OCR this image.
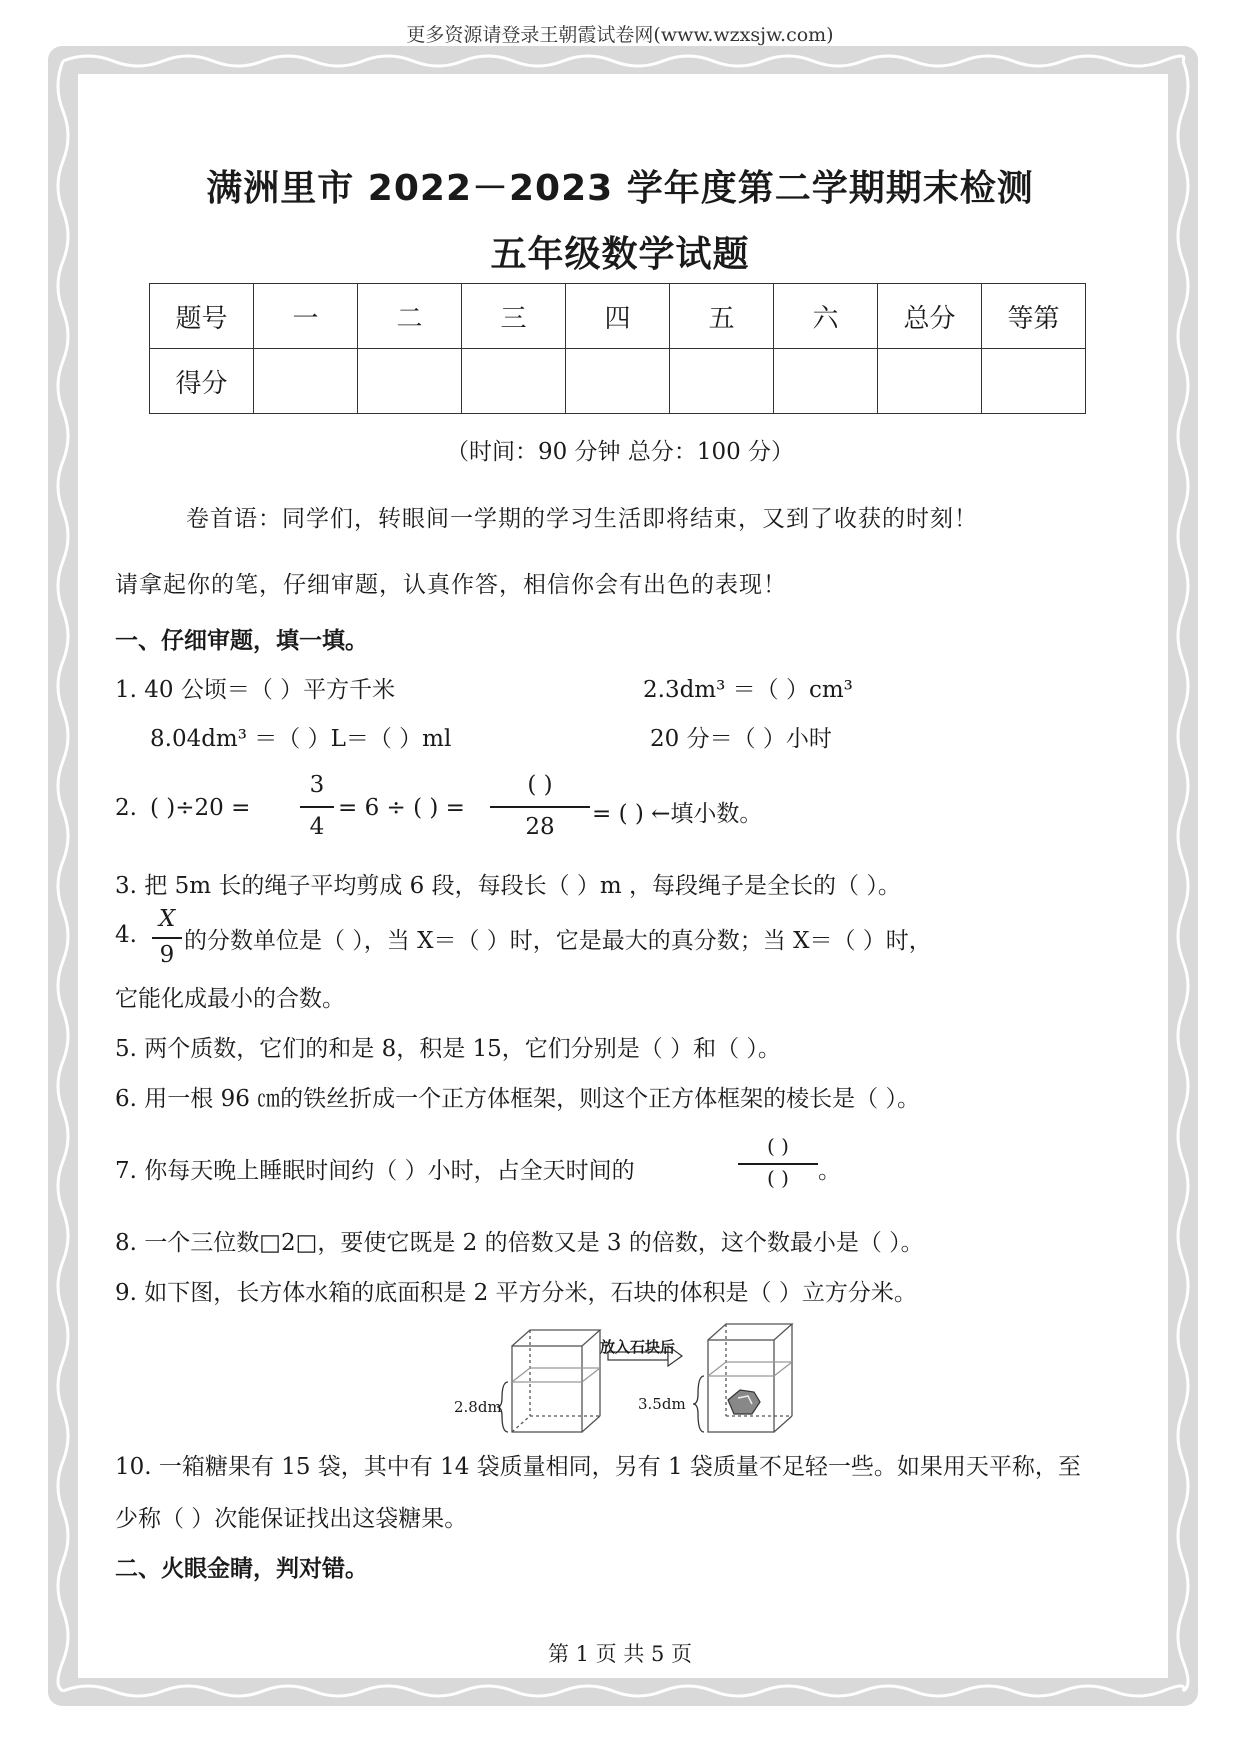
更多资源请登录王朝霞试卷网(www.wzxsjw.com)
满洲里市 2022－2023 学年度第二学期期末检测
五年级数学试题
题号	一	二	三	四	五	六	总分	等第
得分								
（时间：90 分钟 总分：100 分）
卷首语：同学们，转眼间一学期的学习生活即将结束，又到了收获的时刻！
请拿起你的笔，仔细审题，认真作答，相信你会有出色的表现！
一、仔细审题，填一填。
1. 40 公顷＝（ ）平方千米	2.3dm³ ＝（ ）cm³
8.04dm³ ＝（ ）L＝（ ）ml	20 分＝（ ）小时
2. ( )÷20 =
3
4
= 6 ÷ ( ) =
( )
28	= ( ) ←填小数。
3. 把 5m 长的绳子平均剪成 6 段，每段长（ ）m ，每段绳子是全长的（ ）。
4.
X
9
的分数单位是（ ），当 X＝（ ）时，它是最大的真分数；当 X＝（ ）时，
它能化成最小的合数。
5. 两个质数，它们的和是 8，积是 15，它们分别是（ ）和（ ）。
6. 用一根 96 ㎝的铁丝折成一个正方体框架，则这个正方体框架的棱长是（ ）。
7. 你每天晚上睡眠时间约（ ）小时，占全天时间的
( )
( )	。
8. 一个三位数□2□，要使它既是 2 的倍数又是 3 的倍数，这个数最小是（ ）。
9. 如下图，长方体水箱的底面积是 2 平方分米，石块的体积是（ ）立方分米。
放入石块后
2.8dm	3.5dm
10. 一箱糖果有 15 袋，其中有 14 袋质量相同，另有 1 袋质量不足轻一些。如果用天平称，至
少称（ ）次能保证找出这袋糖果。
二、火眼金睛，判对错。
第 1 页 共 5 页
